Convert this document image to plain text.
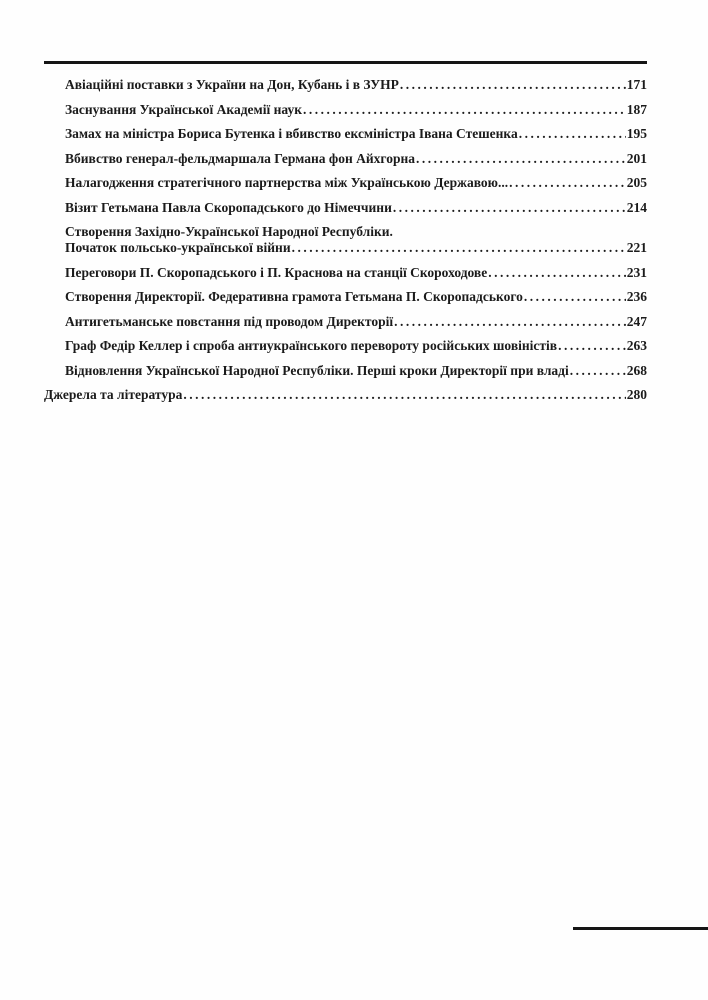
Авіаційні поставки з України на Дон, Кубань і в ЗУНР .....	171
Заснування Української Академії наук .....	187
Замах на міністра Бориса Бутенка і вбивство ексміністра Івана Стешенка .....	195
Вбивство генерал-фельдмаршала Германа фон Айхгорна .....	201
Налагодження стратегічного партнерства між Українською Державою... .....	205
Візит Гетьмана Павла Скоропадського до Німеччини .....	214
Створення Західно-Української Народної Республіки.
Початок польсько-української війни .....	221
Переговори П. Скоропадського і П. Краснова на станції Скороходове .....	231
Створення Директорії. Федеративна грамота Гетьмана П. Скоропадського .....	236
Антигетьманське повстання під проводом Директорії .....	247
Граф Федір Келлер і спроба антиукраїнського перевороту російських шовіністів .....	263
Відновлення Української Народної Республіки. Перші кроки Директорії при владі .....	268
Джерела та література .....	280
